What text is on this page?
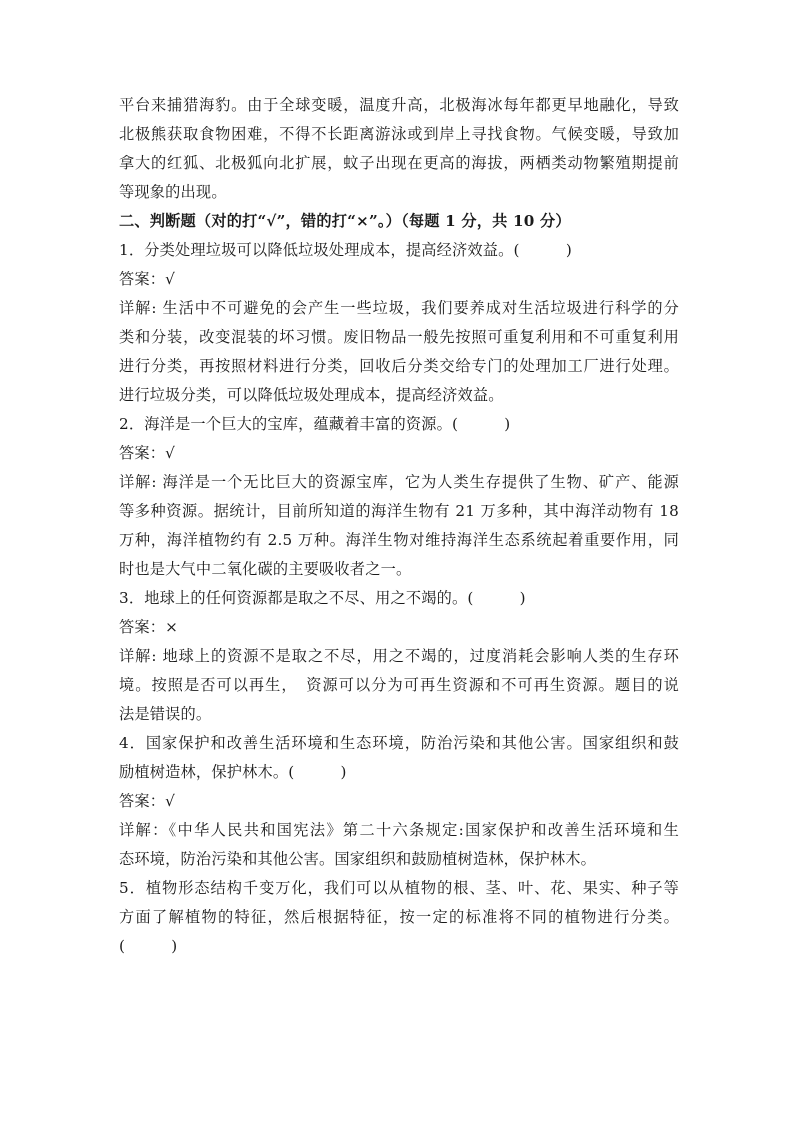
平台来捕猎海豹。由于全球变暖，温度升高，北极海冰每年都更早地融化，导致
北极熊获取食物困难，不得不长距离游泳或到岸上寻找食物。气候变暖，导致加
拿大的红狐、北极狐向北扩展，蚊子出现在更高的海拔，两栖类动物繁殖期提前
等现象的出现。
二、判断题（对的打“√”，错的打“×”。）（每题 1 分，共 10 分）
1．分类处理垃圾可以降低垃圾处理成本，提高经济效益。(　　　)
答案：√
详解: 生活中不可避免的会产生一些垃圾，我们要养成对生活垃圾进行科学的分
类和分装，改变混装的坏习惯。废旧物品一般先按照可重复利用和不可重复利用
进行分类，再按照材料进行分类，回收后分类交给专门的处理加工厂进行处理。
进行垃圾分类，可以降低垃圾处理成本，提高经济效益。
2．海洋是一个巨大的宝库，蕴藏着丰富的资源。(　　　)
答案：√
详解: 海洋是一个无比巨大的资源宝库，它为人类生存提供了生物、矿产、能源
等多种资源。据统计，目前所知道的海洋生物有 21 万多种，其中海洋动物有 18
万种，海洋植物约有 2.5 万种。海洋生物对维持海洋生态系统起着重要作用，同
时也是大气中二氧化碳的主要吸收者之一。
3．地球上的任何资源都是取之不尽、用之不竭的。(　　　)
答案：×
详解: 地球上的资源不是取之不尽，用之不竭的，过度消耗会影响人类的生存环
境。按照是否可以再生，　资源可以分为可再生资源和不可再生资源。题目的说
法是错误的。
4．国家保护和改善生活环境和生态环境，防治污染和其他公害。国家组织和鼓
励植树造林，保护林木。(　　　)
答案：√
详解：《中华人民共和国宪法》第二十六条规定:国家保护和改善生活环境和生
态环境，防治污染和其他公害。国家组织和鼓励植树造林，保护林木。
5．植物形态结构千变万化，我们可以从植物的根、茎、叶、花、果实、种子等
方面了解植物的特征，然后根据特征，按一定的标准将不同的植物进行分类。
(　　　)
